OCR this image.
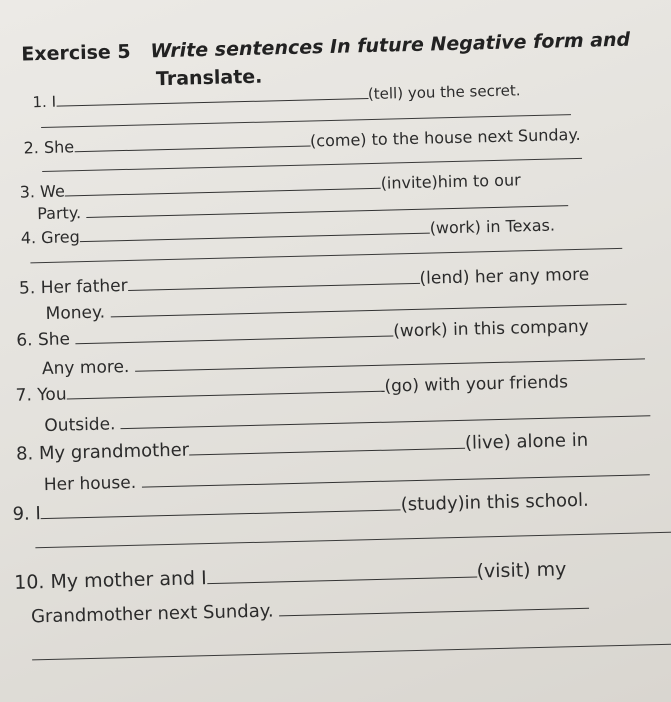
Exercise 5 Write sentences In future Negative form and
Translate.
1. I	(tell) you the secret.
2. She	(come) to the house next Sunday.
3. We	(invite)him to our
Party.
4. Greg	(work) in Texas.
5. Her father	(lend) her any more
Money.
6. She	(work) in this company
Any more.
7. You	(go) with your friends
Outside.
8. My grandmother	(live) alone in
Her house.
9. I	(study)in this school.
10. My mother and I	(visit) my
Grandmother next Sunday.
